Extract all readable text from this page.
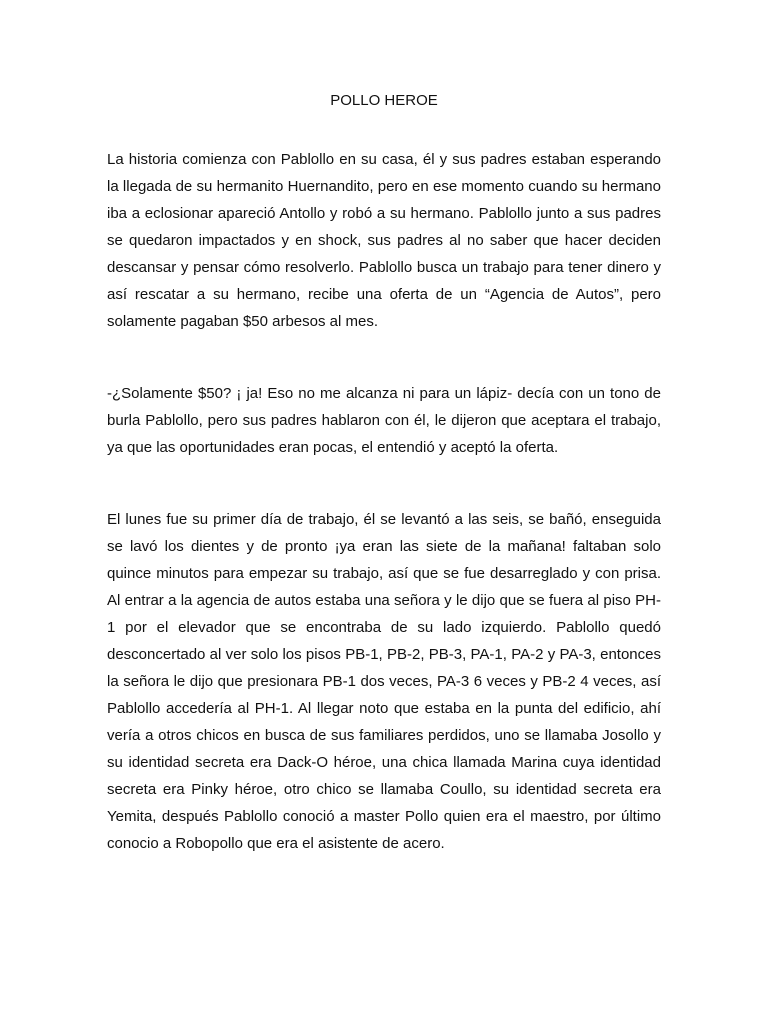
POLLO HEROE

La historia comienza con Pablollo en su casa, él y sus padres estaban esperando la llegada de su hermanito Huernandito, pero en ese momento cuando su hermano iba a eclosionar apareció Antollo y robó a su hermano. Pablollo junto a sus padres se quedaron impactados y en shock, sus padres al no saber que hacer deciden descansar y pensar cómo resolverlo. Pablollo busca un trabajo para tener dinero y así rescatar a su hermano, recibe una oferta de un “Agencia de Autos”, pero solamente pagaban $50 arbesos al mes.

-¿Solamente $50? ¡ ja! Eso no me alcanza ni para un lápiz- decía con un tono de burla Pablollo, pero sus padres hablaron con él, le dijeron que aceptara el trabajo, ya que las oportunidades eran pocas, el entendió y aceptó la oferta.

El lunes fue su primer día de trabajo, él se levantó a las seis, se bañó, enseguida se lavó los dientes y de pronto ¡ya eran las siete de la mañana! faltaban solo quince minutos para empezar su trabajo, así que se fue desarreglado y con prisa. Al entrar a la agencia de autos estaba una señora y le dijo que se fuera al piso PH-1 por el elevador que se encontraba de su lado izquierdo. Pablollo quedó desconcertado al ver solo los pisos PB-1, PB-2, PB-3, PA-1, PA-2 y PA-3, entonces la señora le dijo que presionara PB-1 dos veces, PA-3 6 veces y PB-2 4 veces, así Pablollo accedería al PH-1. Al llegar noto que estaba en la punta del edificio, ahí vería a otros chicos en busca de sus familiares perdidos, uno se llamaba Josollo y su identidad secreta era Dack-O héroe, una chica llamada Marina cuya identidad secreta era Pinky héroe, otro chico se llamaba Coullo, su identidad secreta era Yemita, después Pablollo conoció a master Pollo quien era el maestro, por último conocio a Robopollo que era el asistente de acero.
